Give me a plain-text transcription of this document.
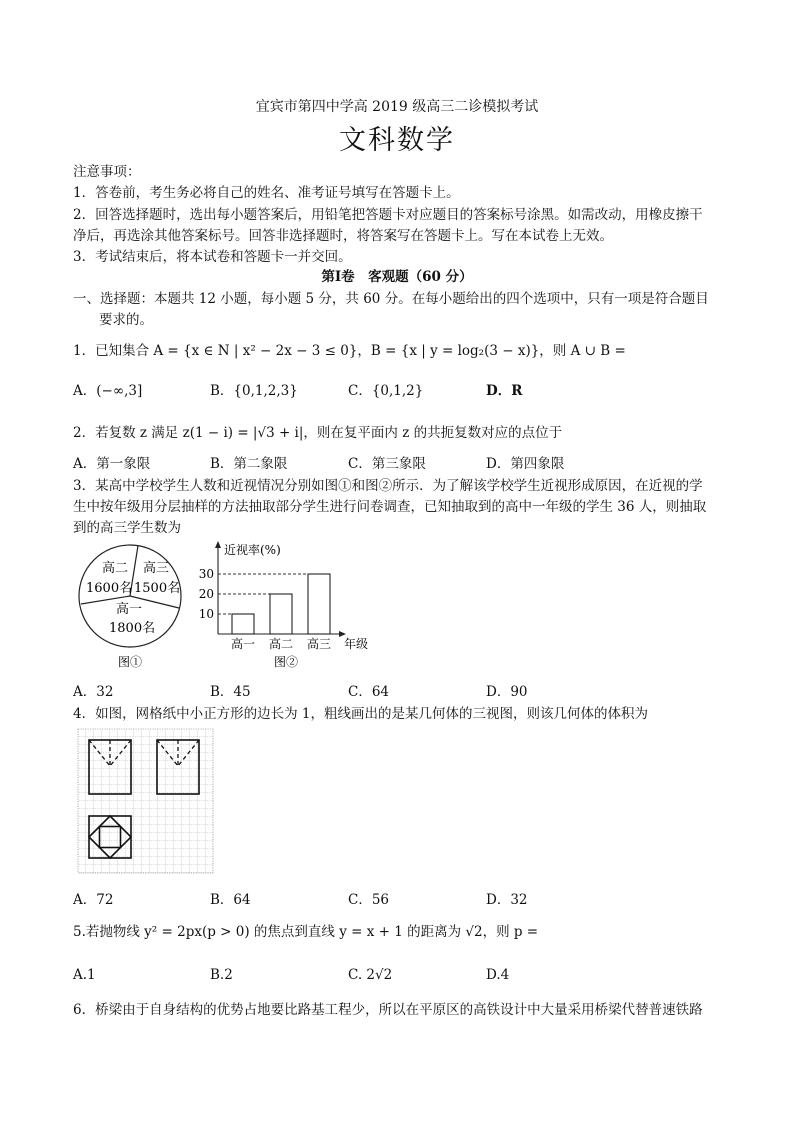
宜宾市第四中学高 2019 级高三二诊模拟考试
文科数学
注意事项：
1．答卷前，考生务必将自己的姓名、准考证号填写在答题卡上。
2．回答选择题时，选出每小题答案后，用铅笔把答题卡对应题目的答案标号涂黑。如需改动，用橡皮擦干
净后，再选涂其他答案标号。回答非选择题时，将答案写在答题卡上。写在本试卷上无效。
3．考试结束后，将本试卷和答题卡一并交回。
第Ⅰ卷　客观题（60 分）
一、选择题：本题共 12 小题，每小题 5 分，共 60 分。在每小题给出的四个选项中，只有一项是符合题目
要求的。
1．已知集合 A = {x ∈ N | x² − 2x − 3 ≤ 0}，B = {x | y = log₂(3 − x)}，则 A ∪ B =
A．(−∞,3]	B．{0,1,2,3}	C．{0,1,2}	D．R
2．若复数 z 满足 z(1 − i) = |√3 + i|，则在复平面内 z 的共扼复数对应的点位于
A．第一象限	B．第二象限	C．第三象限	D．第四象限
3．某高中学校学生人数和近视情况分别如图①和图②所示．为了解该学校学生近视形成原因，在近视的学
生中按年级用分层抽样的方法抽取部分学生进行问卷调查，已知抽取到的高中一年级的学生 36 人，则抽取
到的高三学生数为
高二
1600名
高三
1500名
高一
1800名
图①
近视率(%)
年级
图②
10
20
30
高一 高二 高三
A．32	B．45	C．64	D．90
4．如图，网格纸中小正方形的边长为 1，粗线画出的是某几何体的三视图，则该几何体的体积为
A．72	B．64	C．56	D．32
5.若抛物线 y² = 2px(p > 0) 的焦点到直线 y = x + 1 的距离为 √2，则 p =
A.1	B.2	C. 2√2	D.4
6．桥梁由于自身结构的优势占地要比路基工程少，所以在平原区的高铁设计中大量采用桥梁代替普速铁路
